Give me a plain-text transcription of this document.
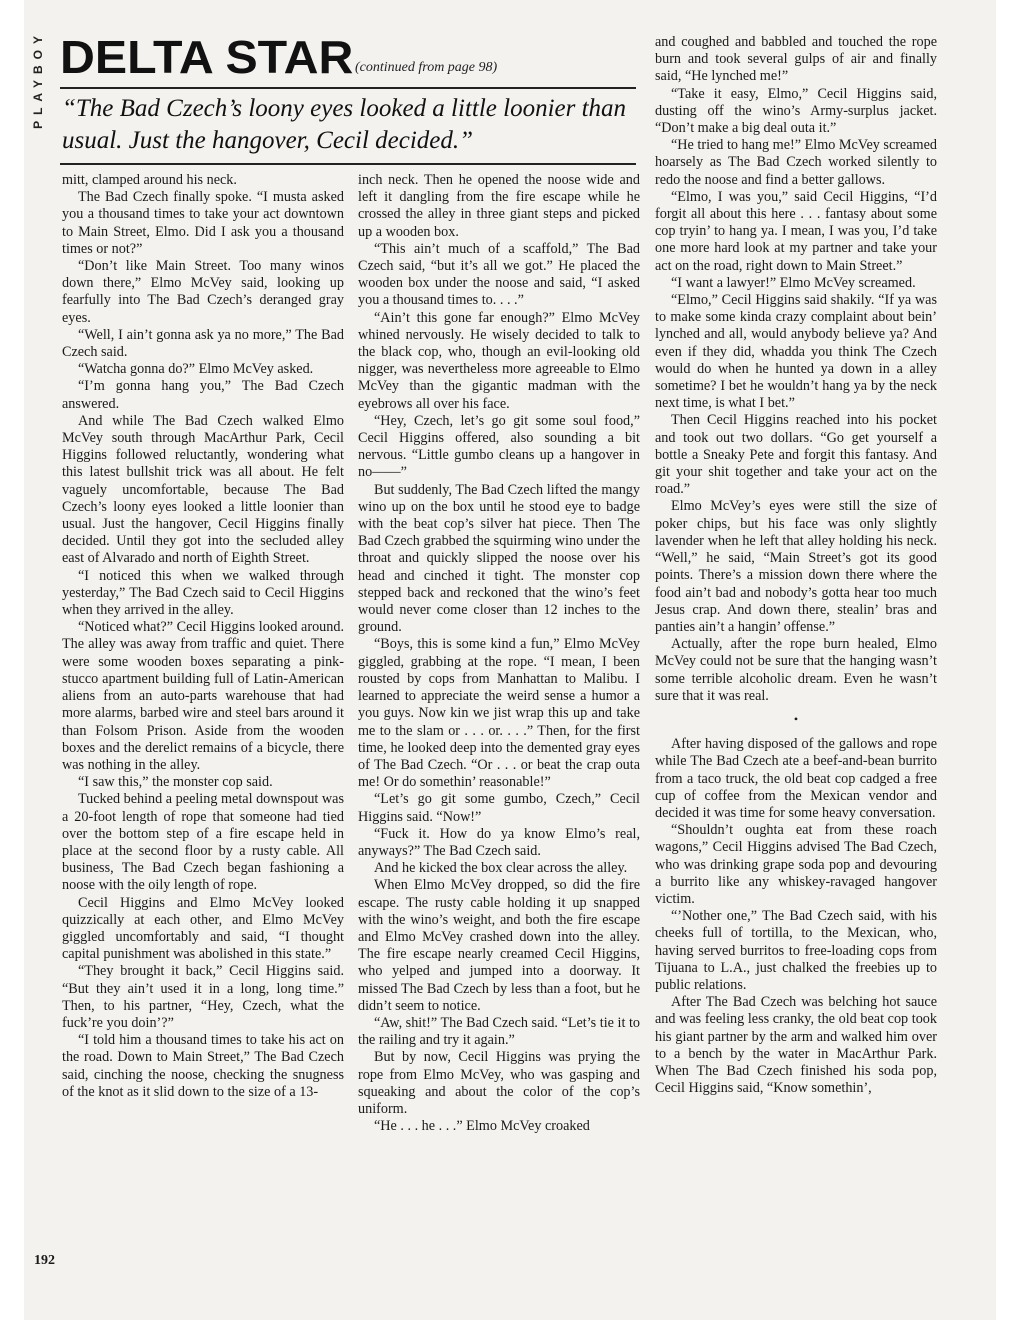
PLAYBOY DELTA STAR (continued from page 98)
“The Bad Czech’s loony eyes looked a little loonier than usual. Just the hangover, Cecil decided.”

mitt, clamped around his neck.

The Bad Czech finally spoke. “I musta asked you a thousand times to take your act downtown to Main Street, Elmo. Did I ask you a thousand times or not?”

“Don’t like Main Street. Too many winos down there,” Elmo McVey said, looking up fearfully into The Bad Czech’s deranged gray eyes.

“Well, I ain’t gonna ask ya no more,” The Bad Czech said.

“Watcha gonna do?” Elmo McVey asked.

“I’m gonna hang you,” The Bad Czech answered.

And while The Bad Czech walked Elmo McVey south through MacArthur Park, Cecil Higgins followed reluctantly, wondering what this latest bullshit trick was all about. He felt vaguely uncomfortable, because The Bad Czech’s loony eyes looked a little loonier than usual. Just the hangover, Cecil Higgins finally decided. Until they got into the secluded alley east of Alvarado and north of Eighth Street.

“I noticed this when we walked through yesterday,” The Bad Czech said to Cecil Higgins when they arrived in the alley.

“Noticed what?” Cecil Higgins looked around. The alley was away from traffic and quiet. There were some wooden boxes separating a pink-stucco apartment building full of Latin-American aliens from an auto-parts warehouse that had more alarms, barbed wire and steel bars around it than Folsom Prison. Aside from the wooden boxes and the derelict remains of a bicycle, there was nothing in the alley.

“I saw this,” the monster cop said.

Tucked behind a peeling metal downspout was a 20-foot length of rope that someone had tied over the bottom step of a fire escape held in place at the second floor by a rusty cable. All business, The Bad Czech began fashioning a noose with the oily length of rope.

Cecil Higgins and Elmo McVey looked quizzically at each other, and Elmo McVey giggled uncomfortably and said, “I thought capital punishment was abolished in this state.”

“They brought it back,” Cecil Higgins said. “But they ain’t used it in a long, long time.” Then, to his partner, “Hey, Czech, what the fuck’re you doin’?”

“I told him a thousand times to take his act on the road. Down to Main Street,” The Bad Czech said, cinching the noose, checking the snugness of the knot as it slid down to the size of a 13-

inch neck. Then he opened the noose wide and left it dangling from the fire escape while he crossed the alley in three giant steps and picked up a wooden box.

“This ain’t much of a scaffold,” The Bad Czech said, “but it’s all we got.” He placed the wooden box under the noose and said, “I asked you a thousand times to. . . .”

“Ain’t this gone far enough?” Elmo McVey whined nervously. He wisely decided to talk to the black cop, who, though an evil-looking old nigger, was nevertheless more agreeable to Elmo McVey than the gigantic madman with the eyebrows all over his face.

“Hey, Czech, let’s go git some soul food,” Cecil Higgins offered, also sounding a bit nervous. “Little gumbo cleans up a hangover in no——”

But suddenly, The Bad Czech lifted the mangy wino up on the box until he stood eye to badge with the beat cop’s silver hat piece. Then The Bad Czech grabbed the squirming wino under the throat and quickly slipped the noose over his head and cinched it tight. The monster cop stepped back and reckoned that the wino’s feet would never come closer than 12 inches to the ground.

“Boys, this is some kind a fun,” Elmo McVey giggled, grabbing at the rope. “I mean, I been rousted by cops from Manhattan to Malibu. I learned to appreciate the weird sense a humor a you guys. Now kin we jist wrap this up and take me to the slam or . . . or. . . .” Then, for the first time, he looked deep into the demented gray eyes of The Bad Czech. “Or . . . or beat the crap outa me! Or do somethin’ reasonable!”

“Let’s go git some gumbo, Czech,” Cecil Higgins said. “Now!”

“Fuck it. How do ya know Elmo’s real, anyways?” The Bad Czech said.

And he kicked the box clear across the alley.

When Elmo McVey dropped, so did the fire escape. The rusty cable holding it up snapped with the wino’s weight, and both the fire escape and Elmo McVey crashed down into the alley. The fire escape nearly creamed Cecil Higgins, who yelped and jumped into a doorway. It missed The Bad Czech by less than a foot, but he didn’t seem to notice.

“Aw, shit!” The Bad Czech said. “Let’s tie it to the railing and try it again.”

But by now, Cecil Higgins was prying the rope from Elmo McVey, who was gasping and squeaking and about the color of the cop’s uniform.

“He . . . he . . .” Elmo McVey croaked

and coughed and babbled and touched the rope burn and took several gulps of air and finally said, “He lynched me!”

“Take it easy, Elmo,” Cecil Higgins said, dusting off the wino’s Army-surplus jacket. “Don’t make a big deal outa it.”

“He tried to hang me!” Elmo McVey screamed hoarsely as The Bad Czech worked silently to redo the noose and find a better gallows.

“Elmo, I was you,” said Cecil Higgins, “I’d forgit all about this here . . . fantasy about some cop tryin’ to hang ya. I mean, I was you, I’d take one more hard look at my partner and take your act on the road, right down to Main Street.”

“I want a lawyer!” Elmo McVey screamed.

“Elmo,” Cecil Higgins said shakily. “If ya was to make some kinda crazy complaint about bein’ lynched and all, would anybody believe ya? And even if they did, whadda you think The Czech would do when he hunted ya down in a alley sometime? I bet he wouldn’t hang ya by the neck next time, is what I bet.”

Then Cecil Higgins reached into his pocket and took out two dollars. “Go get yourself a bottle a Sneaky Pete and forgit this fantasy. And git your shit together and take your act on the road.”

Elmo McVey’s eyes were still the size of poker chips, but his face was only slightly lavender when he left that alley holding his neck. “Well,” he said, “Main Street’s got its good points. There’s a mission down there where the food ain’t bad and nobody’s gotta hear too much Jesus crap. And down there, stealin’ bras and panties ain’t a hangin’ offense.”

Actually, after the rope burn healed, Elmo McVey could not be sure that the hanging wasn’t some terrible alcoholic dream. Even he wasn’t sure that it was real.

•

After having disposed of the gallows and rope while The Bad Czech ate a beef-and-bean burrito from a taco truck, the old beat cop cadged a free cup of coffee from the Mexican vendor and decided it was time for some heavy conversation.

“Shouldn’t oughta eat from these roach wagons,” Cecil Higgins advised The Bad Czech, who was drinking grape soda pop and devouring a burrito like any whiskey-ravaged hangover victim.

“’Nother one,” The Bad Czech said, with his cheeks full of tortilla, to the Mexican, who, having served burritos to free-loading cops from Tijuana to L.A., just chalked the freebies up to public relations.

After The Bad Czech was belching hot sauce and was feeling less cranky, the old beat cop took his giant partner by the arm and walked him over to a bench by the water in MacArthur Park. When The Bad Czech finished his soda pop, Cecil Higgins said, “Know somethin’,

192
